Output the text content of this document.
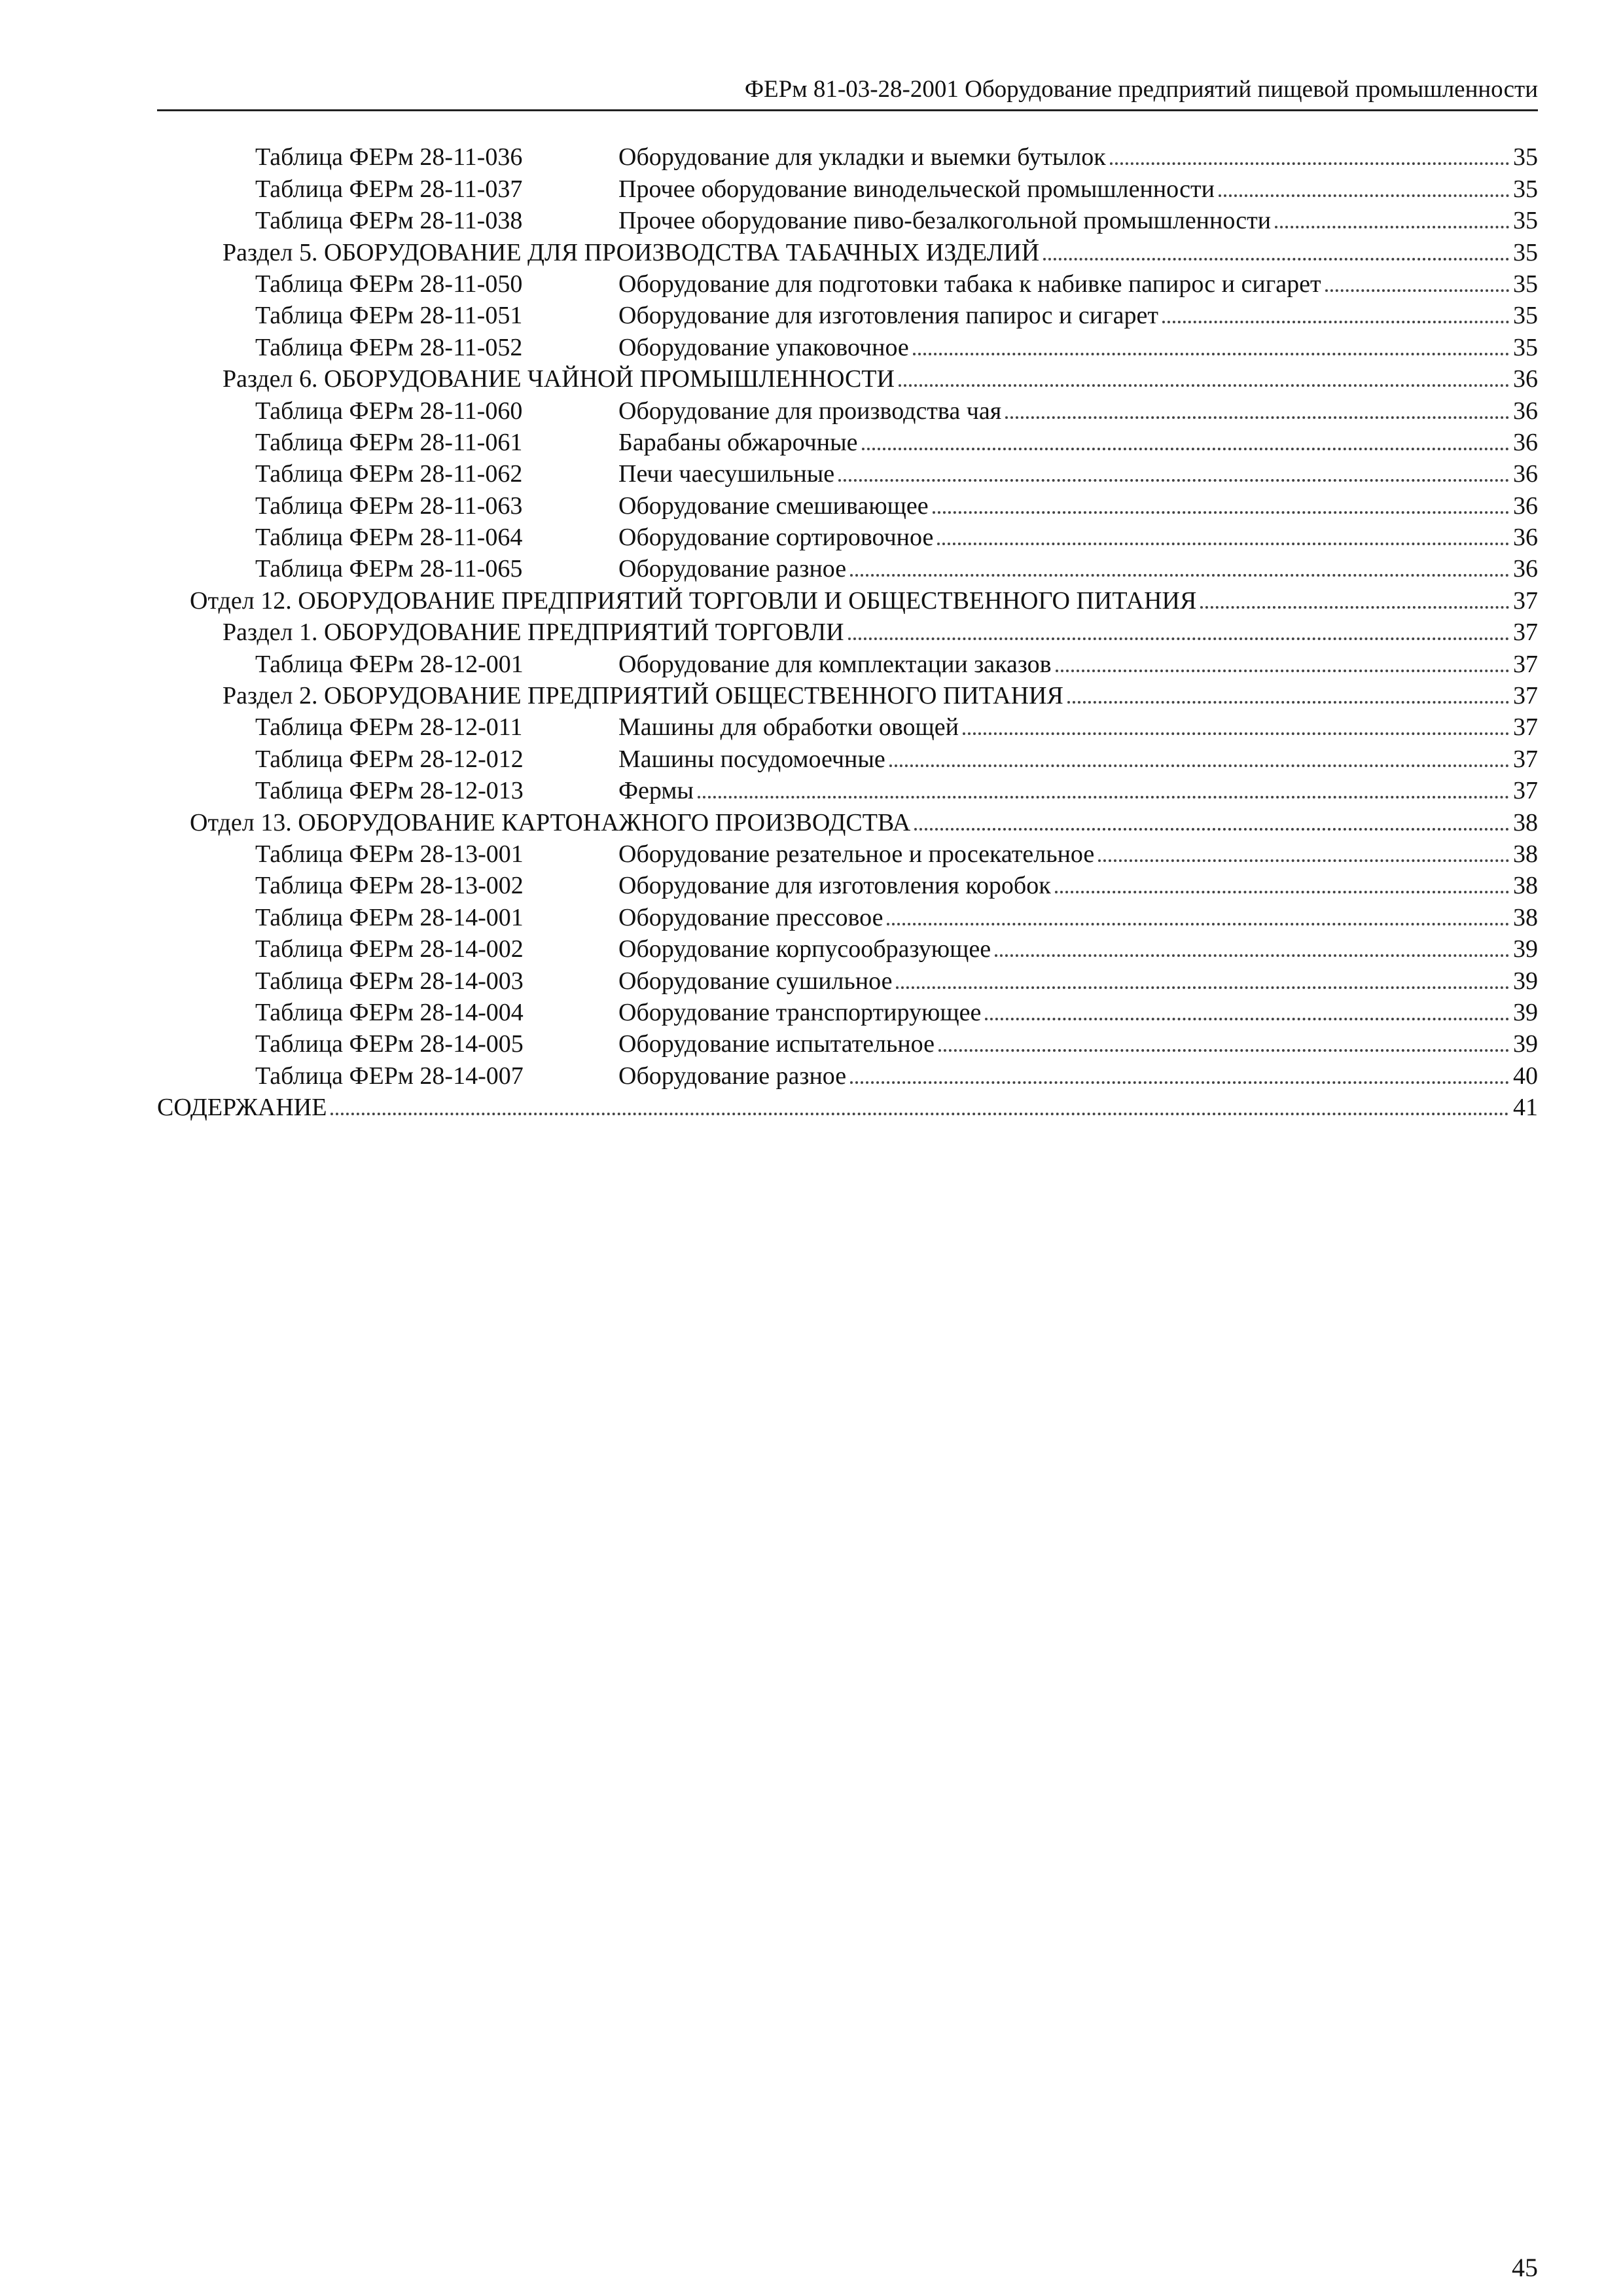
ФЕРм 81-03-28-2001 Оборудование предприятий пищевой промышленности
Таблица ФЕРм 28-11-036	Оборудование для укладки и выемки бутылок	35
Таблица ФЕРм 28-11-037	Прочее оборудование винодельческой промышленности	35
Таблица ФЕРм 28-11-038	Прочее оборудование пиво-безалкогольной промышленности	35
Раздел 5. ОБОРУДОВАНИЕ ДЛЯ ПРОИЗВОДСТВА ТАБАЧНЫХ ИЗДЕЛИЙ	35
Таблица ФЕРм 28-11-050	Оборудование для подготовки табака к набивке папирос и сигарет	35
Таблица ФЕРм 28-11-051	Оборудование для изготовления папирос и сигарет	35
Таблица ФЕРм 28-11-052	Оборудование упаковочное	35
Раздел 6. ОБОРУДОВАНИЕ ЧАЙНОЙ ПРОМЫШЛЕННОСТИ	36
Таблица ФЕРм 28-11-060	Оборудование для производства чая	36
Таблица ФЕРм 28-11-061	Барабаны обжарочные	36
Таблица ФЕРм 28-11-062	Печи чаесушильные	36
Таблица ФЕРм 28-11-063	Оборудование смешивающее	36
Таблица ФЕРм 28-11-064	Оборудование сортировочное	36
Таблица ФЕРм 28-11-065	Оборудование разное	36
Отдел 12. ОБОРУДОВАНИЕ ПРЕДПРИЯТИЙ ТОРГОВЛИ И ОБЩЕСТВЕННОГО ПИТАНИЯ	37
Раздел 1. ОБОРУДОВАНИЕ ПРЕДПРИЯТИЙ ТОРГОВЛИ	37
Таблица ФЕРм 28-12-001	Оборудование для комплектации заказов	37
Раздел 2. ОБОРУДОВАНИЕ ПРЕДПРИЯТИЙ ОБЩЕСТВЕННОГО ПИТАНИЯ	37
Таблица ФЕРм 28-12-011	Машины для обработки овощей	37
Таблица ФЕРм 28-12-012	Машины посудомоечные	37
Таблица ФЕРм 28-12-013	Фермы	37
Отдел 13. ОБОРУДОВАНИЕ КАРТОНАЖНОГО ПРОИЗВОДСТВА	38
Таблица ФЕРм 28-13-001	Оборудование резательное и просекательное	38
Таблица ФЕРм 28-13-002	Оборудование для изготовления коробок	38
Таблица ФЕРм 28-14-001	Оборудование прессовое	38
Таблица ФЕРм 28-14-002	Оборудование корпусообразующее	39
Таблица ФЕРм 28-14-003	Оборудование сушильное	39
Таблица ФЕРм 28-14-004	Оборудование транспортирующее	39
Таблица ФЕРм 28-14-005	Оборудование испытательное	39
Таблица ФЕРм 28-14-007	Оборудование разное	40
СОДЕРЖАНИЕ	41
45
